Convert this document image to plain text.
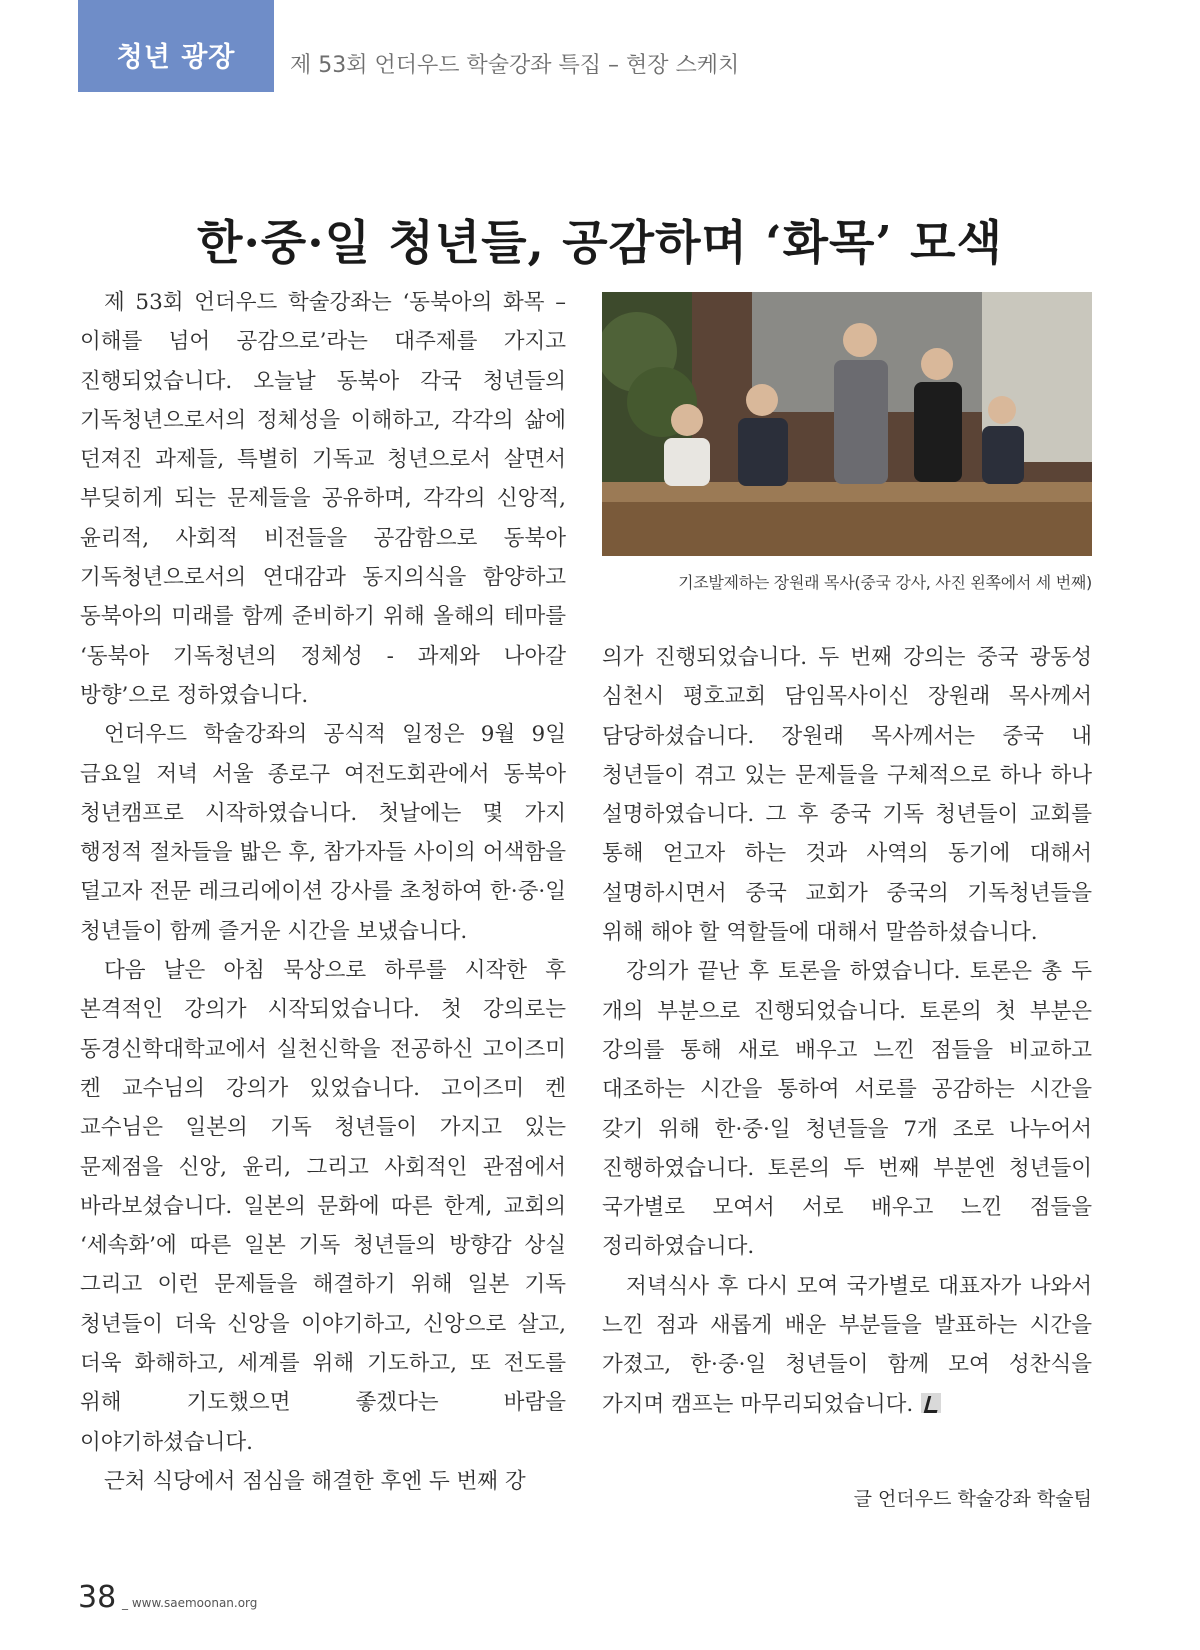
청년 광장	제 53회 언더우드 학술강좌 특집 – 현장 스케치
한·중·일 청년들, 공감하며 ‘화목’ 모색

제 53회 언더우드 학술강좌는 ‘동북아의 화목 – 이해를 넘어 공감으로’라는 대주제를 가지고 진행되었습니다. 오늘날 동북아 각국 청년들의 기독청년으로서의 정체성을 이해하고, 각각의 삶에 던져진 과제들, 특별히 기독교 청년으로서 살면서 부딪히게 되는 문제들을 공유하며, 각각의 신앙적, 윤리적, 사회적 비전들을 공감함으로 동북아 기독청년으로서의 연대감과 동지의식을 함양하고 동북아의 미래를 함께 준비하기 위해 올해의 테마를 ‘동북아 기독청년의 정체성 - 과제와 나아갈 방향’으로 정하였습니다.

언더우드 학술강좌의 공식적 일정은 9월 9일 금요일 저녁 서울 종로구 여전도회관에서 동북아 청년캠프로 시작하였습니다. 첫날에는 몇 가지 행정적 절차들을 밟은 후, 참가자들 사이의 어색함을 덜고자 전문 레크리에이션 강사를 초청하여 한·중·일 청년들이 함께 즐거운 시간을 보냈습니다.

다음 날은 아침 묵상으로 하루를 시작한 후 본격적인 강의가 시작되었습니다. 첫 강의로는 동경신학대학교에서 실천신학을 전공하신 고이즈미 켄 교수님의 강의가 있었습니다. 고이즈미 켄 교수님은 일본의 기독 청년들이 가지고 있는 문제점을 신앙, 윤리, 그리고 사회적인 관점에서 바라보셨습니다. 일본의 문화에 따른 한계, 교회의 ‘세속화’에 따른 일본 기독 청년들의 방향감 상실 그리고 이런 문제들을 해결하기 위해 일본 기독 청년들이 더욱 신앙을 이야기하고, 신앙으로 살고, 더욱 화해하고, 세계를 위해 기도하고, 또 전도를 위해 기도했으면 좋겠다는 바람을 이야기하셨습니다.

근처 식당에서 점심을 해결한 후엔 두 번째 강

기조발제하는 장원래 목사(중국 강사, 사진 왼쪽에서 세 번째)

의가 진행되었습니다. 두 번째 강의는 중국 광동성 심천시 평호교회 담임목사이신 장원래 목사께서 담당하셨습니다. 장원래 목사께서는 중국 내 청년들이 겪고 있는 문제들을 구체적으로 하나 하나 설명하였습니다. 그 후 중국 기독 청년들이 교회를 통해 얻고자 하는 것과 사역의 동기에 대해서 설명하시면서 중국 교회가 중국의 기독청년들을 위해 해야 할 역할들에 대해서 말씀하셨습니다.

강의가 끝난 후 토론을 하였습니다. 토론은 총 두 개의 부분으로 진행되었습니다. 토론의 첫 부분은 강의를 통해 새로 배우고 느낀 점들을 비교하고 대조하는 시간을 통하여 서로를 공감하는 시간을 갖기 위해 한·중·일 청년들을 7개 조로 나누어서 진행하였습니다. 토론의 두 번째 부분엔 청년들이 국가별로 모여서 서로 배우고 느낀 점들을 정리하였습니다.

저녁식사 후 다시 모여 국가별로 대표자가 나와서 느낀 점과 새롭게 배운 부분들을 발표하는 시간을 가졌고, 한·중·일 청년들이 함께 모여 성찬식을 가지며 캠프는 마무리되었습니다.

글 언더우드 학술강좌 학술팀
38 _ www.saemoonan.org
